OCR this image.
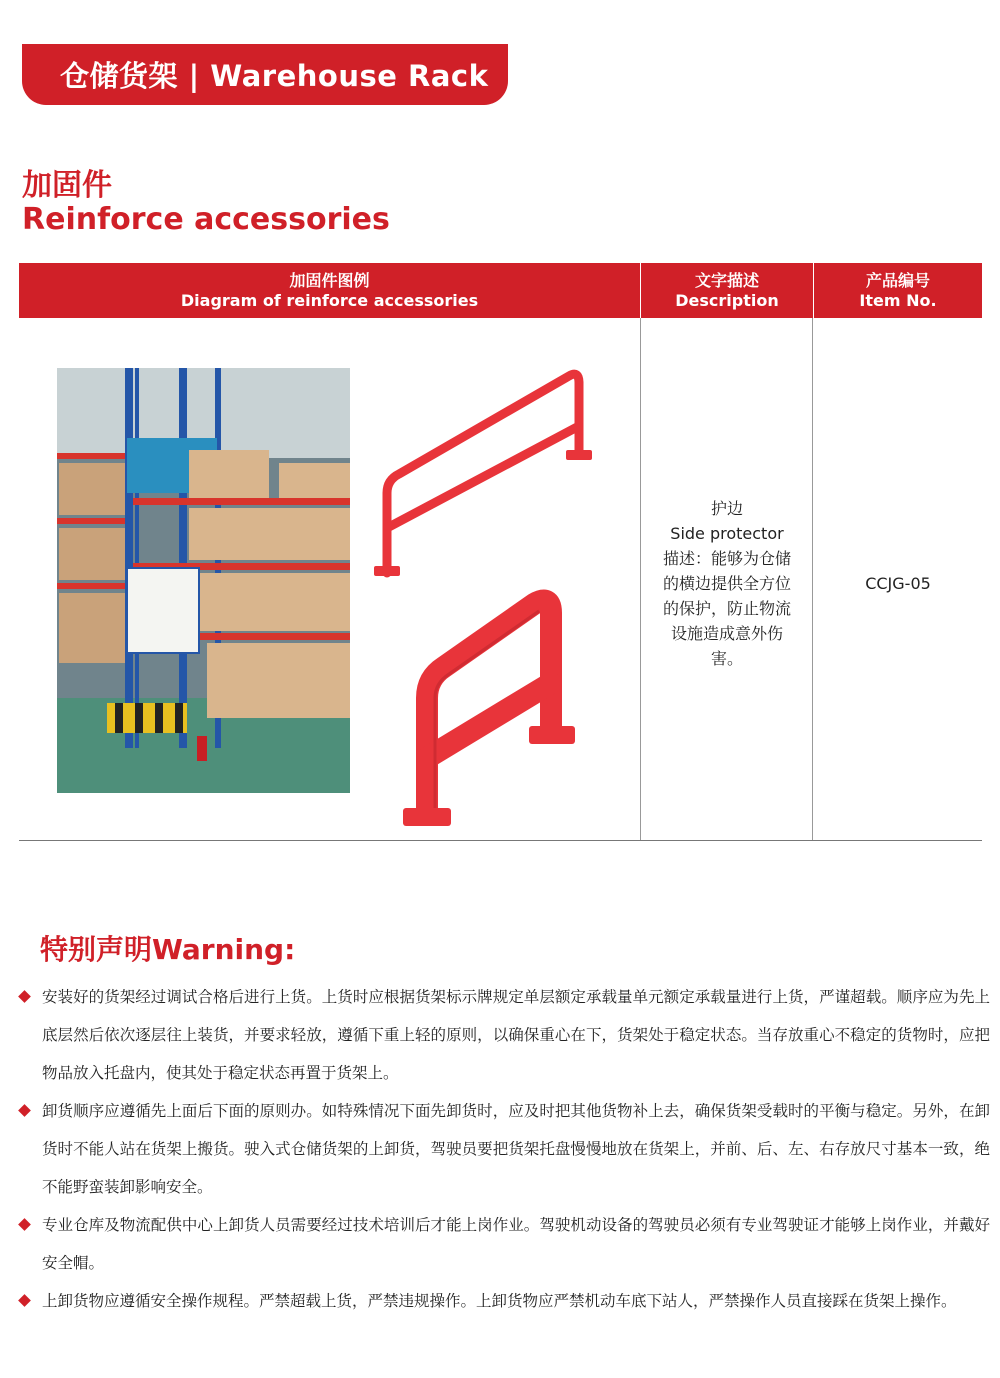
仓储货架 | Warehouse Rack
加固件
Reinforce accessories
加固件图例
Diagram of reinforce accessories
文字描述
Description
产品编号
Item No.
护边
Side protector
描述：能够为仓储的横边提供全方位的保护，防止物流设施造成意外伤害。
CCJG-05
特别声明Warning:
安装好的货架经过调试合格后进行上货。上货时应根据货架标示牌规定单层额定承载量单元额定承载量进行上货，严谨超载。顺序应为先上底层然后依次逐层往上装货，并要求轻放，遵循下重上轻的原则，以确保重心在下，货架处于稳定状态。当存放重心不稳定的货物时，应把物品放入托盘内，使其处于稳定状态再置于货架上。
卸货顺序应遵循先上面后下面的原则办。如特殊情况下面先卸货时，应及时把其他货物补上去，确保货架受载时的平衡与稳定。另外，在卸货时不能人站在货架上搬货。驶入式仓储货架的上卸货，驾驶员要把货架托盘慢慢地放在货架上，并前、后、左、右存放尺寸基本一致，绝不能野蛮装卸影响安全。
专业仓库及物流配供中心上卸货人员需要经过技术培训后才能上岗作业。驾驶机动设备的驾驶员必须有专业驾驶证才能够上岗作业，并戴好安全帽。
上卸货物应遵循安全操作规程。严禁超载上货，严禁违规操作。上卸货物应严禁机动车底下站人，严禁操作人员直接踩在货架上操作。
